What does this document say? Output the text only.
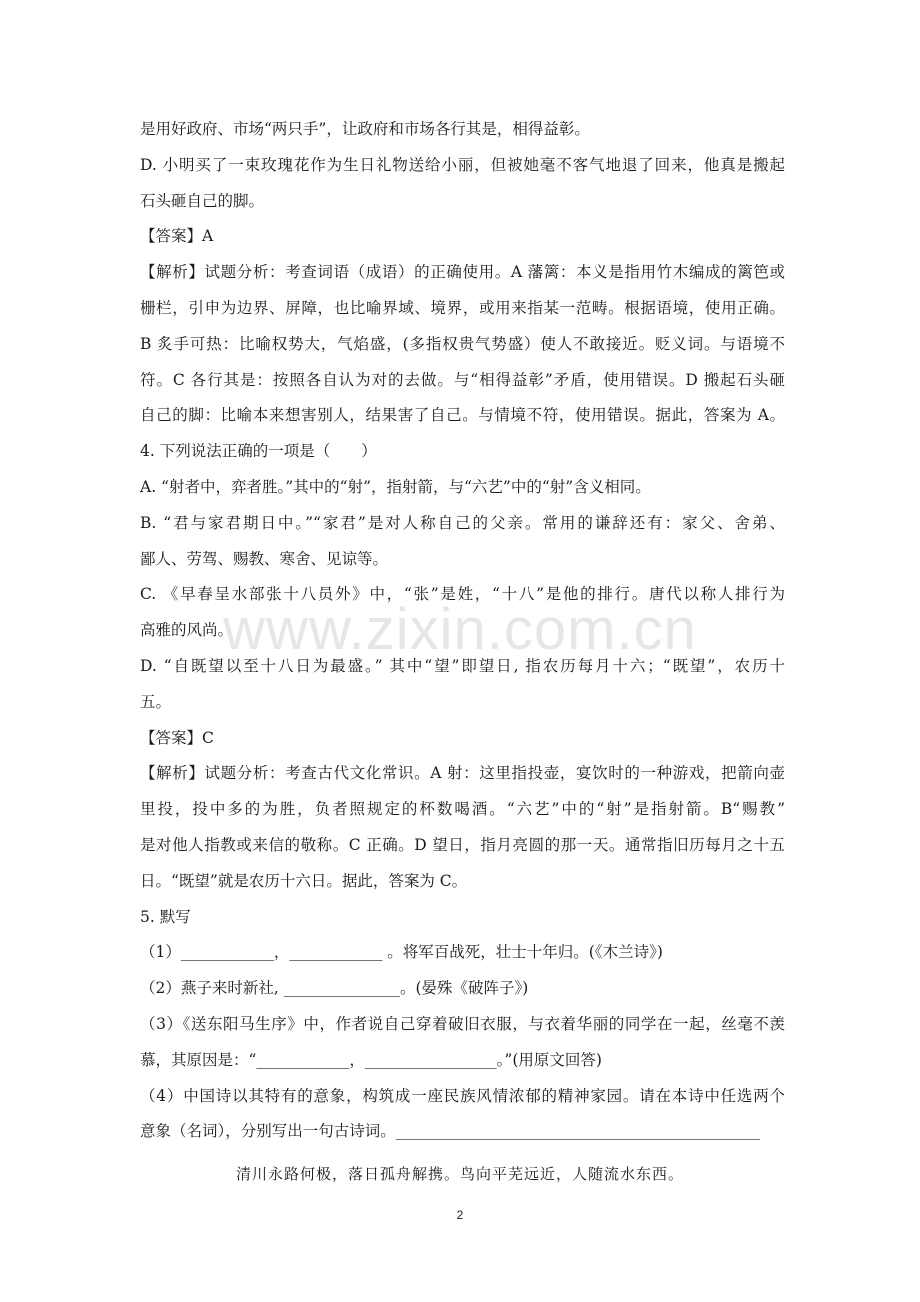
www.zixin.com.cn
是用好政府、市场“两只手”，让政府和市场各行其是，相得益彰。
D. 小明买了一束玫瑰花作为生日礼物送给小丽，但被她毫不客气地退了回来，他真是搬起
石头砸自己的脚。
【答案】A
【解析】试题分析：考查词语（成语）的正确使用。A 藩篱：本义是指用竹木编成的篱笆或
栅栏，引申为边界、屏障，也比喻界域、境界，或用来指某一范畴。根据语境，使用正确。
B 炙手可热：比喻权势大，气焰盛，(多指权贵气势盛）使人不敢接近。贬义词。与语境不
符。C 各行其是：按照各自认为对的去做。与“相得益彰”矛盾，使用错误。D 搬起石头砸
自己的脚：比喻本来想害别人，结果害了自己。与情境不符，使用错误。据此，答案为 A。
4. 下列说法正确的一项是（　　）
A. “射者中，弈者胜。”其中的“射”，指射箭，与“六艺”中的“射”含义相同。
B. “君与家君期日中。”“家君”是对人称自己的父亲。常用的谦辞还有：家父、舍弟、
鄙人、劳驾、赐教、寒舍、见谅等。
C. 《早春呈水部张十八员外》中，“张”是姓，“十八”是他的排行。唐代以称人排行为
高雅的风尚。
D. “自既望以至十八日为最盛。” 其中“望”即望日, 指农历每月十六；“既望”，农历十
五。
【答案】C
【解析】试题分析：考查古代文化常识。A 射：这里指投壶，宴饮时的一种游戏，把箭向壶
里投，投中多的为胜，负者照规定的杯数喝酒。“六艺”中的“射”是指射箭。B“赐教”
是对他人指教或来信的敬称。C 正确。D 望日，指月亮圆的那一天。通常指旧历每月之十五
日。“既望”就是农历十六日。据此，答案为 C。
5. 默写
（1）____________，____________ 。将军百战死，壮士十年归。(《木兰诗》)
（2）燕子来时新社, _______________。(晏殊《破阵子》)
（3）《送东阳马生序》中，作者说自己穿着破旧衣服，与衣着华丽的同学在一起，丝毫不羡
慕，其原因是：“____________，_________________。”(用原文回答)
（4）中国诗以其特有的意象，构筑成一座民族风情浓郁的精神家园。请在本诗中任选两个
意象（名词），分别写出一句古诗词。_______________________________________________
清川永路何极，落日孤舟解携。鸟向平芜远近，人随流水东西。
2
